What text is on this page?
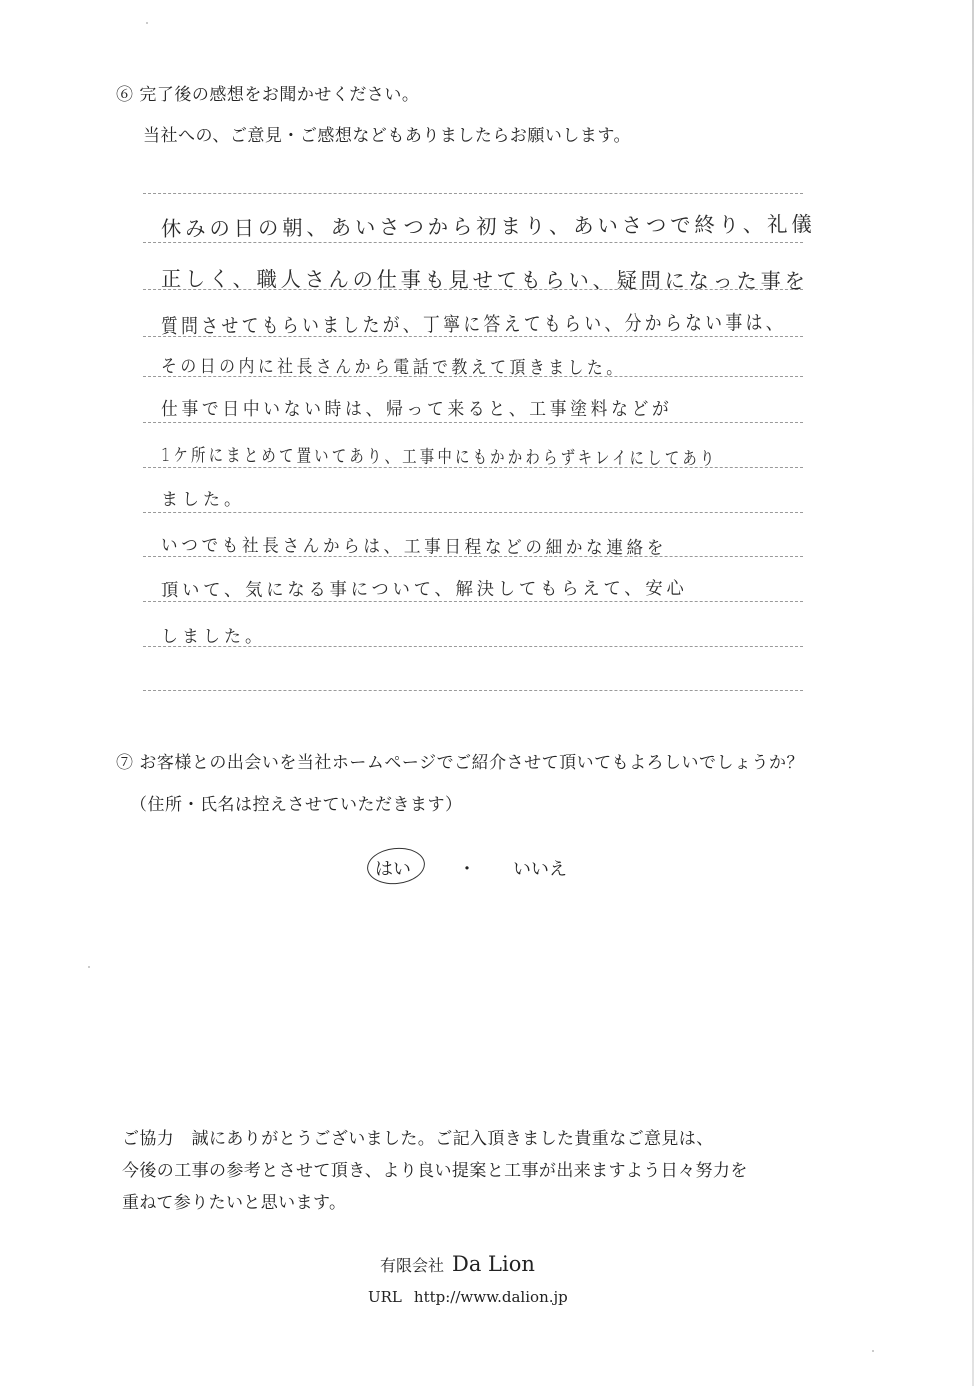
⑥ 完了後の感想をお聞かせください。
当社への、ご意見・ご感想などもありましたらお願いします。
休みの日の朝、あいさつから初まり、あいさつで終り、礼儀
正しく、職人さんの仕事も見せてもらい、疑問になった事を
質問させてもらいましたが、丁寧に答えてもらい、分からない事は、
その日の内に社長さんから電話で教えて頂きました。
仕事で日中いない時は、帰って来ると、工事塗料などが
1ケ所にまとめて置いてあり、工事中にもかかわらずキレイにしてあり
ました。
いつでも社長さんからは、工事日程などの細かな連絡を
頂いて、気になる事について、解決してもらえて、安心
しました。
⑦ お客様との出会いを当社ホームページでご紹介させて頂いてもよろしいでしょうか？
（住所・氏名は控えさせていただきます）
はい	・ いいえ
ご協力　誠にありがとうございました。ご記入頂きました貴重なご意見は、
今後の工事の参考とさせて頂き、より良い提案と工事が出来ますよう日々努力を
重ねて参りたいと思います。
有限会社 Da Lion
URL http://www.dalion.jp
